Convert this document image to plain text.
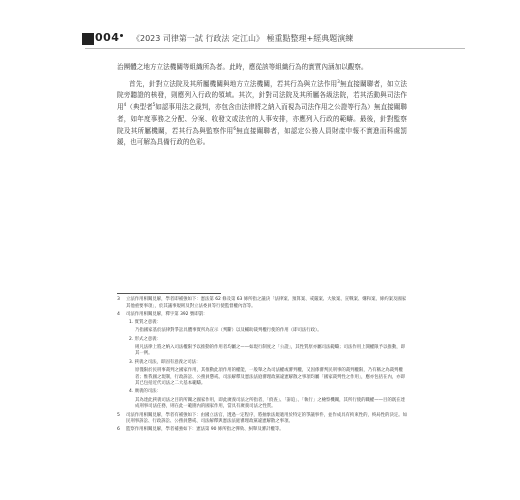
004 《2023 司律第一試 行政法 定江山》 極重點整理+經典題演練

治團體之地方立法機關等組織所為者。此時，應從該等組織行為的實質內涵加以觀察。

首先，針對立法院及其所屬機關與地方立法機關，若其行為與立法作用$^3$無直接關聯者，如立法院旁聽證的核發，則應列入行政的領域。其次，針對司法院及其所屬各級法院，若其活動與司法作用$^4$（典型者$^5$如認事用法之裁判，亦包含由法律將之納入而視為司法作用之公證等行為）無直接關聯者，如年度事務之分配、分案、收發文或法官的人事安排，亦應列入行政的範疇。最後，針對監察院及其所屬機關，若其行為與監察作用$^6$無直接關聯者，如認定公務人員財產申報不實進而科處罰鍰，也可解為具備行政的色彩。

3	立法作用相關見解，學者即補強如下：憲法第 62 條及第 63 條所指之議決「法律案、預算案、戒嚴案、大赦案、宣戰案、媾和案、條約案及國家其他重要事項」，於其議事規則及對立法委員等行使監督權內容等。
4	司法作用相關見解，釋字第 392 號即謂：
1. 實質之意義：
乃指國家基於法律對爭訟具體事實所為宣示（判斷）以及輔助裁判權行使的作用（即司法行政）。
2. 形式之意義：
則凡法律上將之納入司法權限予以推動的作用者均屬之——如現行制度之「公證」，其性質原亦屬司法範疇；司法作用上開權限予以推動，即其一例。
3. 狹義之司法，即固有意義之司法：
原僅限於民刑事裁判之國家作用，其推動此項作用的權能，一般舉之為司法權或審判權，又因係審判民刑事的裁判權限，乃有稱之為裁判權者；惟我國之現制，行政訴訟、公務員懲戒、司法解釋及憲法法庭審理政黨違憲解散之事項均屬「國家裁判性之作用」，應亦包括在內，亦即其已包括近代司法之二大基本範疇。
4. 廣義的司法：
其為達此狹義司法之目的所關之國家作用，即此廣義司法之所指者，「偵查」、「訴追」、「執行」之檢察機關，其所行使的職權——目的既在達成刑事司法任務，則在此一範圍內的國家作用，當具有廣義司法之性質。
5	司法作用相關見解，學者有補強如下：由國立法官，透過一定程序，將抽象法規適用於特定的爭議事件，並作成具有拘束性的，終局性的決定。如民刑事訴訟、行政訴訟、公務員懲戒、司法解釋與憲法法庭審理政黨違憲解散之事項。
6	監察作用相關見解，學者補強如下：憲法第 90 條所指之彈劾、糾舉及審計權等。
